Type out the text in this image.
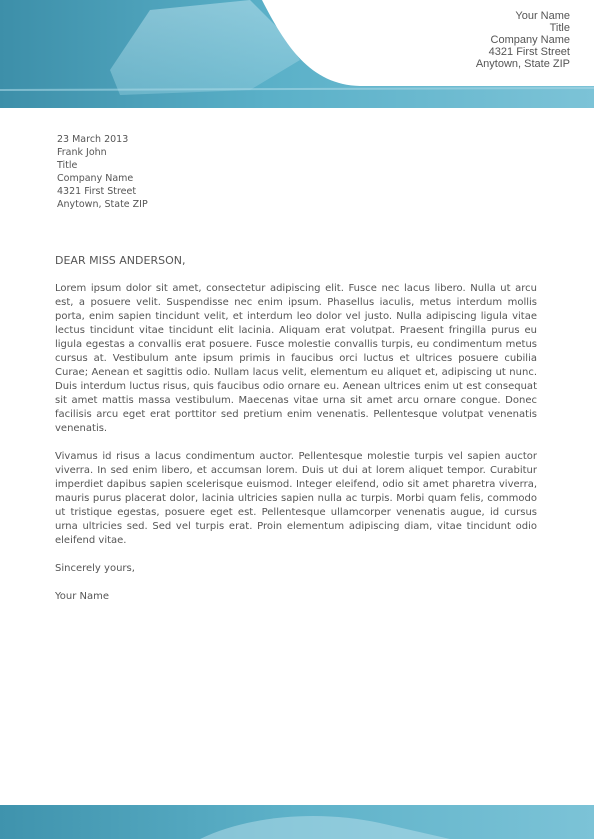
Your Name
Title
Company Name
4321 First Street
Anytown, State ZIP
23 March 2013
Frank John
Title
Company Name
4321 First Street
Anytown, State ZIP
DEAR MISS ANDERSON,

Lorem ipsum dolor sit amet, consectetur adipiscing elit. Fusce nec lacus libero. Nulla ut arcu est, a posuere velit. Suspendisse nec enim ipsum. Phasellus iaculis, metus interdum mollis porta, enim sapien tincidunt velit, et interdum leo dolor vel justo. Nulla adipiscing ligula vitae lectus tincidunt vitae tincidunt elit lacinia. Aliquam erat volutpat. Praesent fringilla purus eu ligula egestas a convallis erat posuere. Fusce molestie convallis turpis, eu condimentum metus cursus at. Vestibulum ante ipsum primis in faucibus orci luctus et ultrices posuere cubilia Curae; Aenean et sagittis odio. Nullam lacus velit, elementum eu aliquet et, adipiscing ut nunc. Duis interdum luctus risus, quis faucibus odio ornare eu. Aenean ultrices enim ut est consequat sit amet mattis massa vestibulum. Maecenas vitae urna sit amet arcu ornare congue. Donec facilisis arcu eget erat porttitor sed pretium enim venenatis. Pellentesque volutpat venenatis venenatis.

Vivamus id risus a lacus condimentum auctor. Pellentesque molestie turpis vel sapien auctor viverra. In sed enim libero, et accumsan lorem. Duis ut dui at lorem aliquet tempor. Curabitur imperdiet dapibus sapien scelerisque euismod. Integer eleifend, odio sit amet pharetra viverra, mauris purus placerat dolor, lacinia ultricies sapien nulla ac turpis. Morbi quam felis, commodo ut tristique egestas, posuere eget est. Pellentesque ullamcorper venenatis augue, id cursus urna ultricies sed. Sed vel turpis erat. Proin elementum adipiscing diam, vitae tincidunt odio eleifend vitae.

Sincerely yours,

Your Name
